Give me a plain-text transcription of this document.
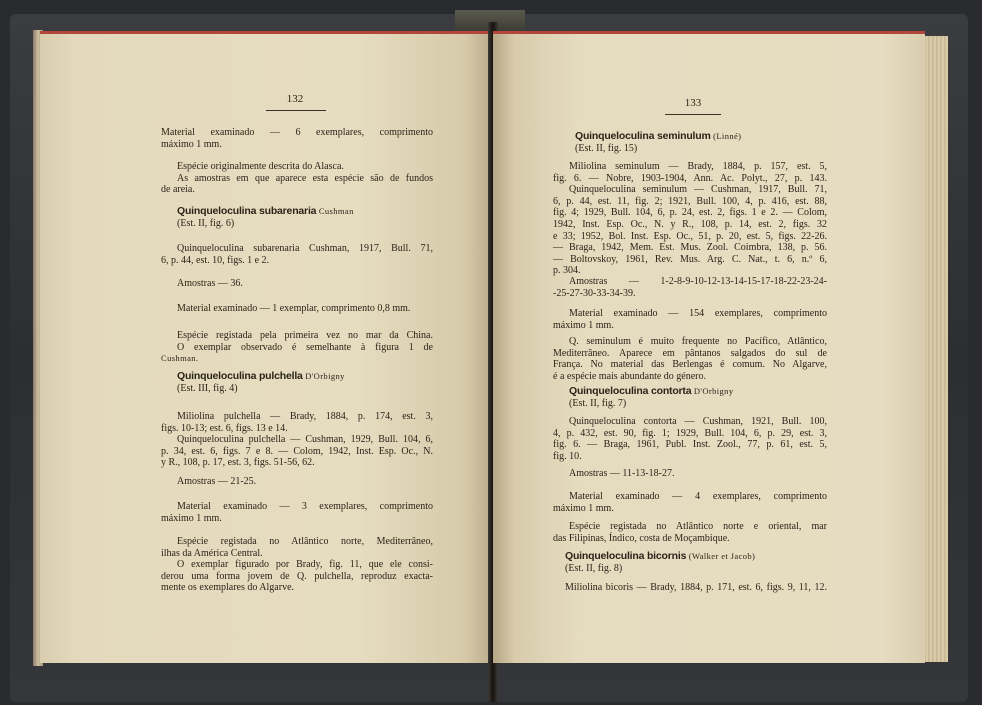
132
Material examinado — 6 exemplares, comprimento
máximo 1 mm.
Espécie originalmente descrita do Alasca.
As amostras em que aparece esta espécie são de fundos
de areia.
Quinqueloculina subarenaria Cushman
(Est. II, fig. 6)
Quinqueloculina subarenaria Cushman, 1917, Bull. 71,
6, p. 44, est. 10, figs. 1 e 2.
Amostras — 36.
Material examinado — 1 exemplar, comprimento 0,8 mm.
Espécie registada pela primeira vez no mar da China.
O exemplar observado é semelhante à figura 1 de
Cushman.
Quinqueloculina pulchella D'Orbigny
(Est. III, fig. 4)
Miliolina pulchella — Brady, 1884, p. 174, est. 3,
figs. 10-13; est. 6, figs. 13 e 14.
Quinqueloculina pulchella — Cushman, 1929, Bull. 104, 6,
p. 34, est. 6, figs. 7 e 8. — Colom, 1942, Inst. Esp. Oc., N.
y R., 108, p. 17, est. 3, figs. 51-56, 62.
Amostras — 21-25.
Material examinado — 3 exemplares, comprimento
máximo 1 mm.
Espécie registada no Atlântico norte, Mediterrâneo,
ilhas da América Central.
O exemplar figurado por Brady, fig. 11, que ele consi-
derou uma forma jovem de Q. pulchella, reproduz exacta-
mente os exemplares do Algarve.
133
Quinqueloculina seminulum (Linné)
(Est. II, fig. 15)
Miliolina seminulum — Brady, 1884, p. 157, est. 5,
fig. 6. — Nobre, 1903-1904, Ann. Ac. Polyt., 27, p. 143.
Quinqueloculina seminulum — Cushman, 1917, Bull. 71,
6, p. 44, est. 11, fig. 2; 1921, Bull. 100, 4, p. 416, est. 88,
fig. 4; 1929, Bull. 104, 6, p. 24, est. 2, figs. 1 e 2. — Colom,
1942, Inst. Esp. Oc., N. y R., 108, p. 14, est. 2, figs. 32
e 33; 1952, Bol. Inst. Esp. Oc., 51, p. 20, est. 5, figs. 22-26.
— Braga, 1942, Mem. Est. Mus. Zool. Coimbra, 138, p. 56.
— Boltovskoy, 1961, Rev. Mus. Arg. C. Nat., t. 6, n.º 6,
p. 304.
Amostras — 1-2-8-9-10-12-13-14-15-17-18-22-23-24-
-25-27-30-33-34-39.
Material examinado — 154 exemplares, comprimento
máximo 1 mm.
Q. seminulum é muito frequente no Pacífico, Atlântico,
Mediterrâneo. Aparece em pântanos salgados do sul de
França. No material das Berlengas é comum. No Algarve,
é a espécie mais abundante do género.
Quinqueloculina contorta D'Orbigny
(Est. II, fig. 7)
Quinqueloculina contorta — Cushman, 1921, Bull. 100,
4, p. 432, est. 90, fig. 1; 1929, Bull. 104, 6, p. 29, est. 3,
fig. 6. — Braga, 1961, Publ. Inst. Zool., 77, p. 61, est. 5,
fig. 10.
Amostras — 11-13-18-27.
Material examinado — 4 exemplares, comprimento
máximo 1 mm.
Espécie registada no Atlântico norte e oriental, mar
das Filipinas, Índico, costa de Moçambique.
Quinqueloculina bicornis (Walker et Jacob)
(Est. II, fig. 8)
Miliolina bicoris — Brady, 1884, p. 171, est. 6, figs. 9, 11, 12.
